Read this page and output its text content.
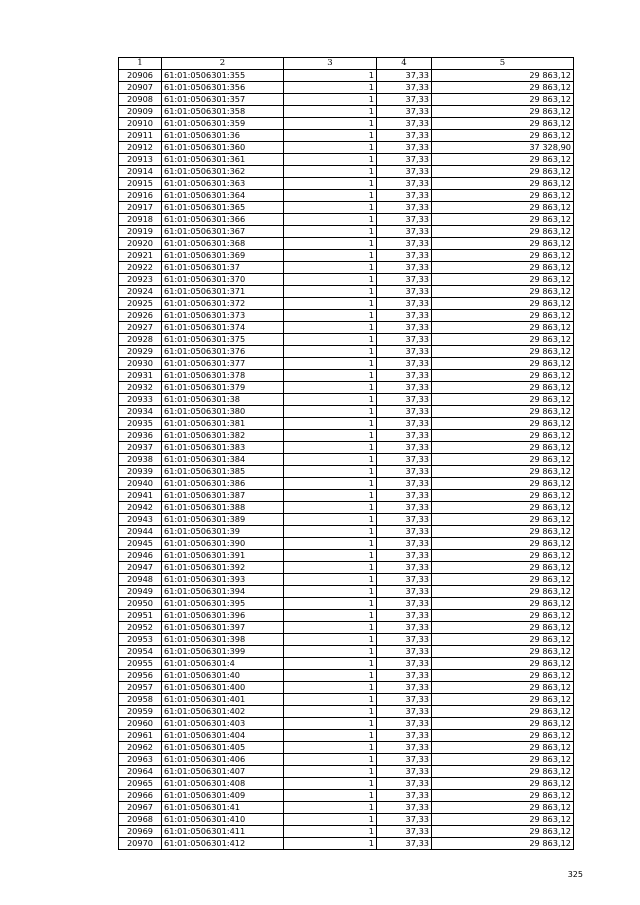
1	2	3	4	5
20906	61:01:0506301:355	1	37,33	29 863,12
20907	61:01:0506301:356	1	37,33	29 863,12
20908	61:01:0506301:357	1	37,33	29 863,12
20909	61:01:0506301:358	1	37,33	29 863,12
20910	61:01:0506301:359	1	37,33	29 863,12
20911	61:01:0506301:36	1	37,33	29 863,12
20912	61:01:0506301:360	1	37,33	37 328,90
20913	61:01:0506301:361	1	37,33	29 863,12
20914	61:01:0506301:362	1	37,33	29 863,12
20915	61:01:0506301:363	1	37,33	29 863,12
20916	61:01:0506301:364	1	37,33	29 863,12
20917	61:01:0506301:365	1	37,33	29 863,12
20918	61:01:0506301:366	1	37,33	29 863,12
20919	61:01:0506301:367	1	37,33	29 863,12
20920	61:01:0506301:368	1	37,33	29 863,12
20921	61:01:0506301:369	1	37,33	29 863,12
20922	61:01:0506301:37	1	37,33	29 863,12
20923	61:01:0506301:370	1	37,33	29 863,12
20924	61:01:0506301:371	1	37,33	29 863,12
20925	61:01:0506301:372	1	37,33	29 863,12
20926	61:01:0506301:373	1	37,33	29 863,12
20927	61:01:0506301:374	1	37,33	29 863,12
20928	61:01:0506301:375	1	37,33	29 863,12
20929	61:01:0506301:376	1	37,33	29 863,12
20930	61:01:0506301:377	1	37,33	29 863,12
20931	61:01:0506301:378	1	37,33	29 863,12
20932	61:01:0506301:379	1	37,33	29 863,12
20933	61:01:0506301:38	1	37,33	29 863,12
20934	61:01:0506301:380	1	37,33	29 863,12
20935	61:01:0506301:381	1	37,33	29 863,12
20936	61:01:0506301:382	1	37,33	29 863,12
20937	61:01:0506301:383	1	37,33	29 863,12
20938	61:01:0506301:384	1	37,33	29 863,12
20939	61:01:0506301:385	1	37,33	29 863,12
20940	61:01:0506301:386	1	37,33	29 863,12
20941	61:01:0506301:387	1	37,33	29 863,12
20942	61:01:0506301:388	1	37,33	29 863,12
20943	61:01:0506301:389	1	37,33	29 863,12
20944	61:01:0506301:39	1	37,33	29 863,12
20945	61:01:0506301:390	1	37,33	29 863,12
20946	61:01:0506301:391	1	37,33	29 863,12
20947	61:01:0506301:392	1	37,33	29 863,12
20948	61:01:0506301:393	1	37,33	29 863,12
20949	61:01:0506301:394	1	37,33	29 863,12
20950	61:01:0506301:395	1	37,33	29 863,12
20951	61:01:0506301:396	1	37,33	29 863,12
20952	61:01:0506301:397	1	37,33	29 863,12
20953	61:01:0506301:398	1	37,33	29 863,12
20954	61:01:0506301:399	1	37,33	29 863,12
20955	61:01:0506301:4	1	37,33	29 863,12
20956	61:01:0506301:40	1	37,33	29 863,12
20957	61:01:0506301:400	1	37,33	29 863,12
20958	61:01:0506301:401	1	37,33	29 863,12
20959	61:01:0506301:402	1	37,33	29 863,12
20960	61:01:0506301:403	1	37,33	29 863,12
20961	61:01:0506301:404	1	37,33	29 863,12
20962	61:01:0506301:405	1	37,33	29 863,12
20963	61:01:0506301:406	1	37,33	29 863,12
20964	61:01:0506301:407	1	37,33	29 863,12
20965	61:01:0506301:408	1	37,33	29 863,12
20966	61:01:0506301:409	1	37,33	29 863,12
20967	61:01:0506301:41	1	37,33	29 863,12
20968	61:01:0506301:410	1	37,33	29 863,12
20969	61:01:0506301:411	1	37,33	29 863,12
20970	61:01:0506301:412	1	37,33	29 863,12
325
